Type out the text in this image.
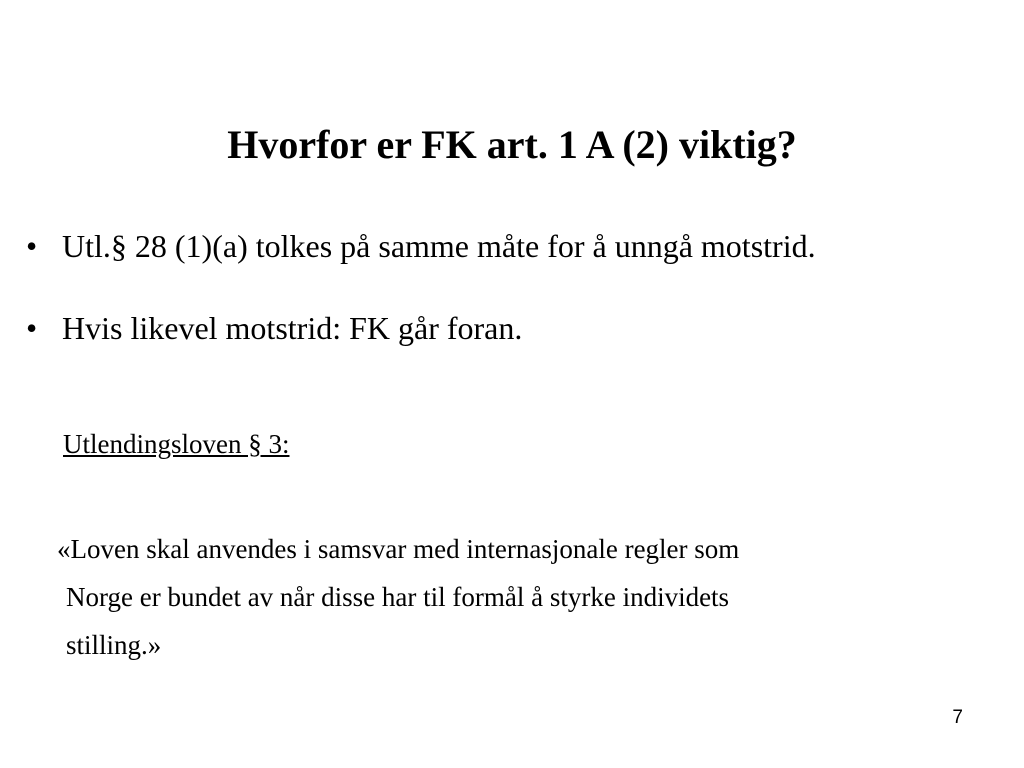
Hvorfor er FK art. 1 A (2) viktig?
• Utl.§ 28 (1)(a) tolkes på samme måte for å unngå motstrid.
• Hvis likevel motstrid: FK går foran.
Utlendingsloven § 3:
«Loven skal anvendes i samsvar med internasjonale regler som
Norge er bundet av når disse har til formål å styrke individets
stilling.»
7
